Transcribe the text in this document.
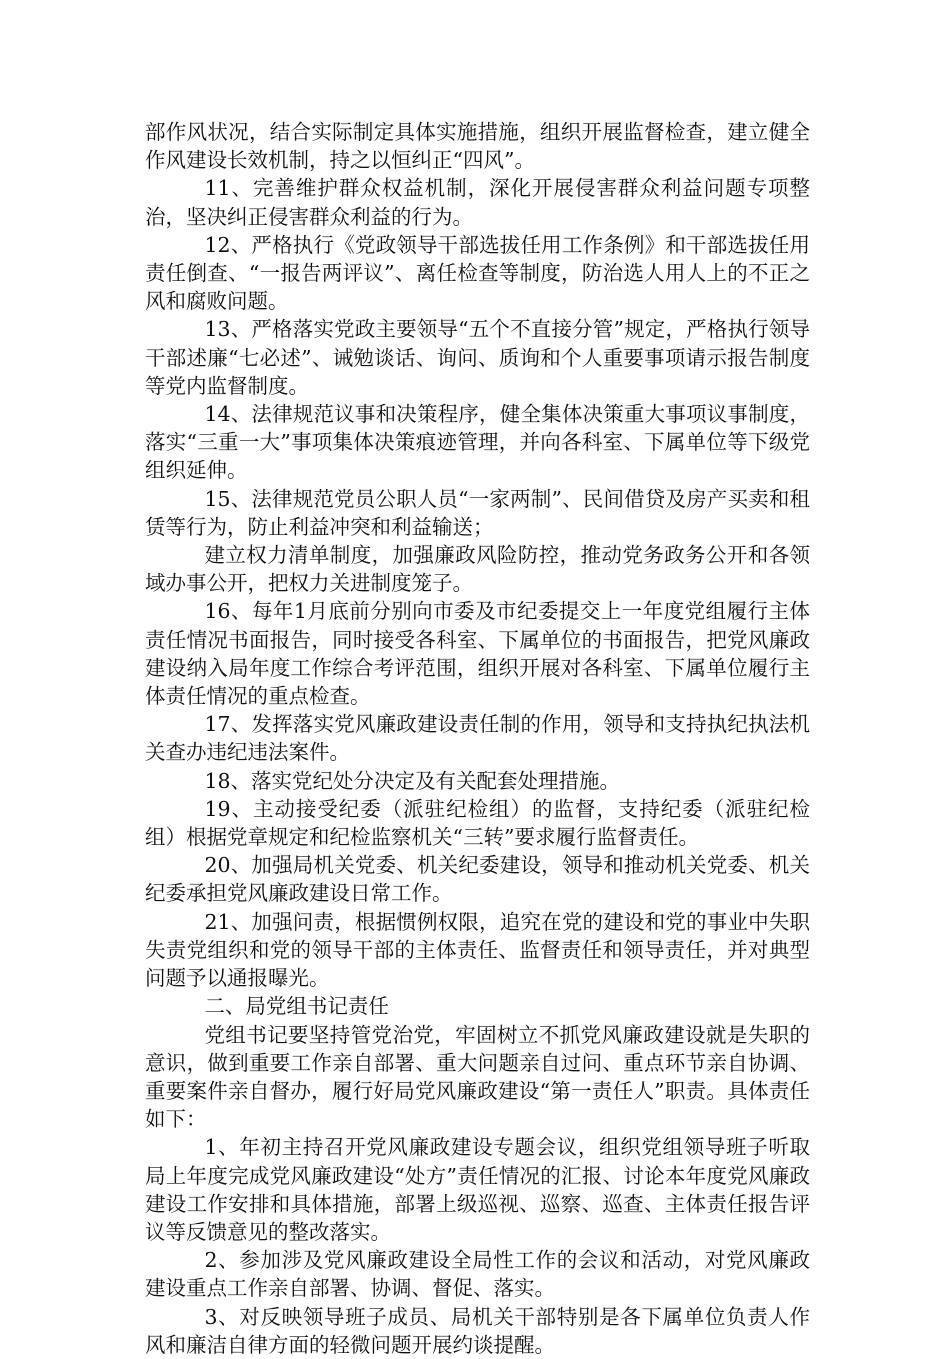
部作风状况，结合实际制定具体实施措施，组织开展监督检查，建立健全作风建设长效机制，持之以恒纠正“四风”。

11、完善维护群众权益机制，深化开展侵害群众利益问题专项整治，坚决纠正侵害群众利益的行为。

12、严格执行《党政领导干部选拔任用工作条例》和干部选拔任用责任倒查、“一报告两评议”、离任检查等制度，防治选人用人上的不正之风和腐败问题。

13、严格落实党政主要领导“五个不直接分管”规定，严格执行领导干部述廉“七必述”、诫勉谈话、询问、质询和个人重要事项请示报告制度等党内监督制度。

14、法律规范议事和决策程序，健全集体决策重大事项议事制度，落实“三重一大”事项集体决策痕迹管理，并向各科室、下属单位等下级党组织延伸。

15、法律规范党员公职人员“一家两制”、民间借贷及房产买卖和租赁等行为，防止利益冲突和利益输送；

建立权力清单制度，加强廉政风险防控，推动党务政务公开和各领域办事公开，把权力关进制度笼子。

16、每年1月底前分别向市委及市纪委提交上一年度党组履行主体责任情况书面报告，同时接受各科室、下属单位的书面报告，把党风廉政建设纳入局年度工作综合考评范围，组织开展对各科室、下属单位履行主体责任情况的重点检查。

17、发挥落实党风廉政建设责任制的作用，领导和支持执纪执法机关查办违纪违法案件。

18、落实党纪处分决定及有关配套处理措施。

19、主动接受纪委（派驻纪检组）的监督，支持纪委（派驻纪检组）根据党章规定和纪检监察机关“三转”要求履行监督责任。

20、加强局机关党委、机关纪委建设，领导和推动机关党委、机关纪委承担党风廉政建设日常工作。

21、加强问责，根据惯例权限，追究在党的建设和党的事业中失职失责党组织和党的领导干部的主体责任、监督责任和领导责任，并对典型问题予以通报曝光。

二、局党组书记责任

党组书记要坚持管党治党，牢固树立不抓党风廉政建设就是失职的意识，做到重要工作亲自部署、重大问题亲自过问、重点环节亲自协调、重要案件亲自督办，履行好局党风廉政建设“第一责任人”职责。具体责任如下：

1、年初主持召开党风廉政建设专题会议，组织党组领导班子听取局上年度完成党风廉政建设“处方”责任情况的汇报、讨论本年度党风廉政建设工作安排和具体措施，部署上级巡视、巡察、巡查、主体责任报告评议等反馈意见的整改落实。

2、参加涉及党风廉政建设全局性工作的会议和活动，对党风廉政建设重点工作亲自部署、协调、督促、落实。

3、对反映领导班子成员、局机关干部特别是各下属单位负责人作风和廉洁自律方面的轻微问题开展约谈提醒。
